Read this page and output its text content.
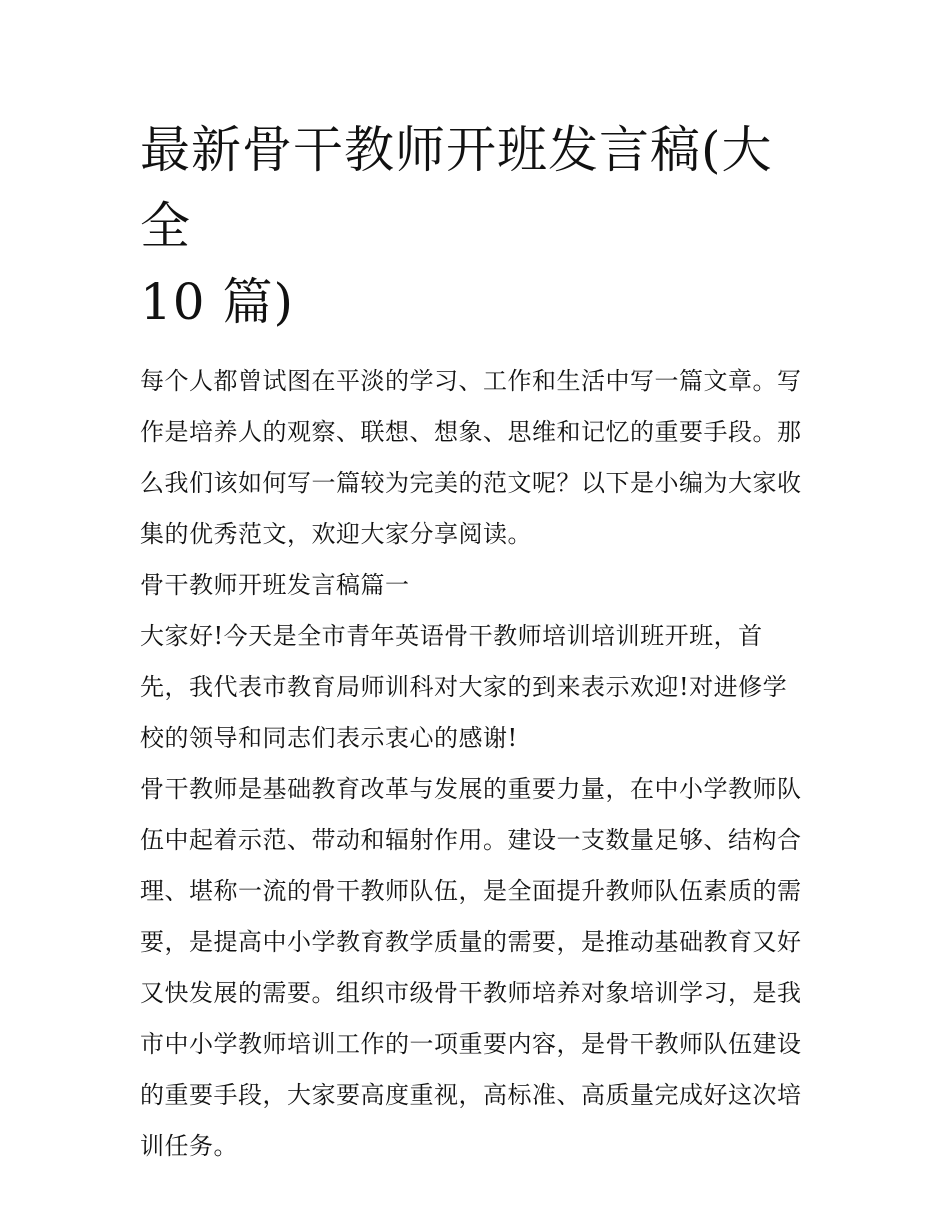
最新骨干教师开班发言稿(大全
10 篇)

每个人都曾试图在平淡的学习、工作和生活中写一篇文章。写
作是培养人的观察、联想、想象、思维和记忆的重要手段。那
么我们该如何写一篇较为完美的范文呢？以下是小编为大家收
集的优秀范文，欢迎大家分享阅读。

骨干教师开班发言稿篇一

大家好!今天是全市青年英语骨干教师培训培训班开班，首
先，我代表市教育局师训科对大家的到来表示欢迎!对进修学
校的领导和同志们表示衷心的感谢!

骨干教师是基础教育改革与发展的重要力量，在中小学教师队
伍中起着示范、带动和辐射作用。建设一支数量足够、结构合
理、堪称一流的骨干教师队伍，是全面提升教师队伍素质的需
要，是提高中小学教育教学质量的需要，是推动基础教育又好
又快发展的需要。组织市级骨干教师培养对象培训学习，是我
市中小学教师培训工作的一项重要内容，是骨干教师队伍建设
的重要手段，大家要高度重视，高标准、高质量完成好这次培
训任务。
